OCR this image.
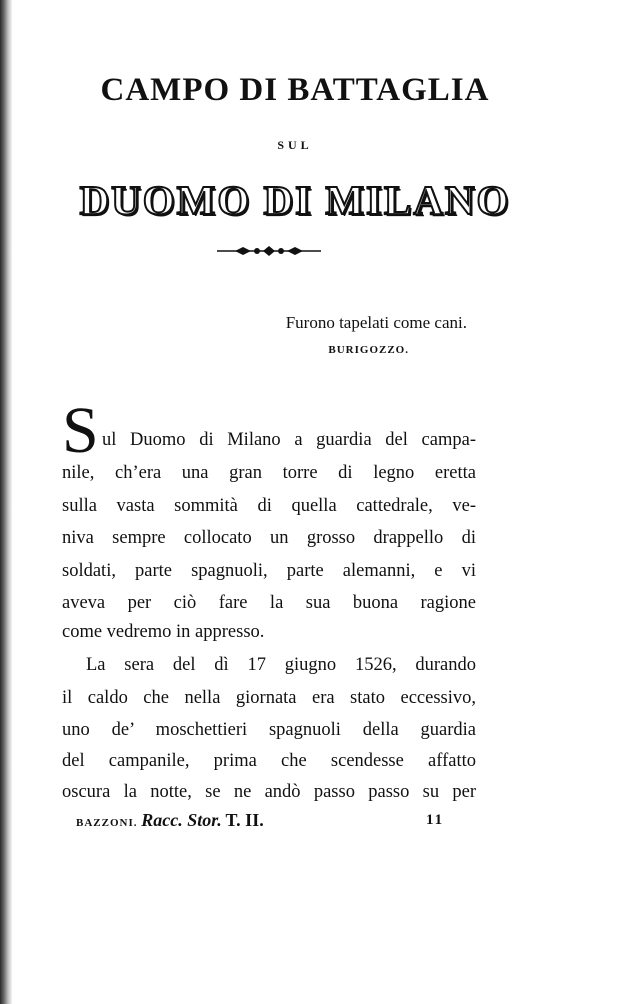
CAMPO DI BATTAGLIA
SUL
DUOMO DI MILANO
Furono tapelati come cani.
BURIGOZZO.
S ul Duomo di Milano a guardia del campa-
nile, ch’era una gran torre di legno eretta
sulla vasta sommità di quella cattedrale, ve-
niva sempre collocato un grosso drappello di
soldati, parte spagnuoli, parte alemanni, e vi
aveva per ciò fare la sua buona ragione
come vedremo in appresso.
La sera del dì 17 giugno 1526, durando
il caldo che nella giornata era stato eccessivo,
uno de’ moschettieri spagnuoli della guardia
del campanile, prima che scendesse affatto
oscura la notte, se ne andò passo passo su per
BAZZONI. Racc. Stor. T. II.	11
